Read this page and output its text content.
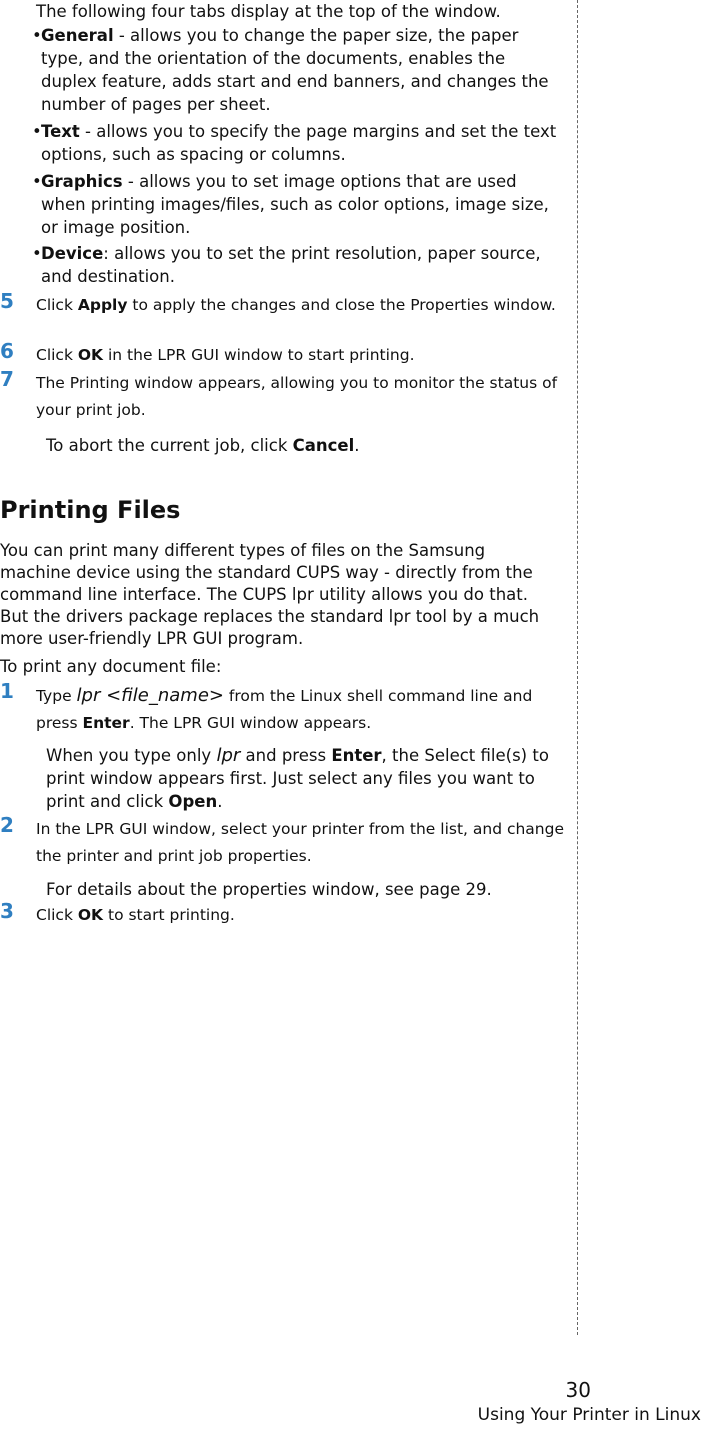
The following four tabs display at the top of the window.

• General - allows you to change the paper size, the paper type, and the orientation of the documents, enables the duplex feature, adds start and end banners, and changes the number of pages per sheet.

• Text - allows you to specify the page margins and set the text options, such as spacing or columns.

• Graphics - allows you to set image options that are used when printing images/files, such as color options, image size, or image position.

• Device: allows you to set the print resolution, paper source, and destination.

5 Click Apply to apply the changes and close the Properties window.
6 Click OK in the LPR GUI window to start printing.
7 The Printing window appears, allowing you to monitor the status of your print job.

To abort the current job, click Cancel.

Printing Files

You can print many different types of files on the Samsung machine device using the standard CUPS way - directly from the command line interface. The CUPS lpr utility allows you do that. But the drivers package replaces the standard lpr tool by a much more user-friendly LPR GUI program.

To print any document file:

1 Type lpr <file_name> from the Linux shell command line and press Enter. The LPR GUI window appears.

When you type only lpr and press Enter, the Select file(s) to print window appears first. Just select any files you want to print and click Open.

2 In the LPR GUI window, select your printer from the list, and change the printer and print job properties.

For details about the properties window, see page 29.

3 Click OK to start printing.
30
Using Your Printer in Linux
